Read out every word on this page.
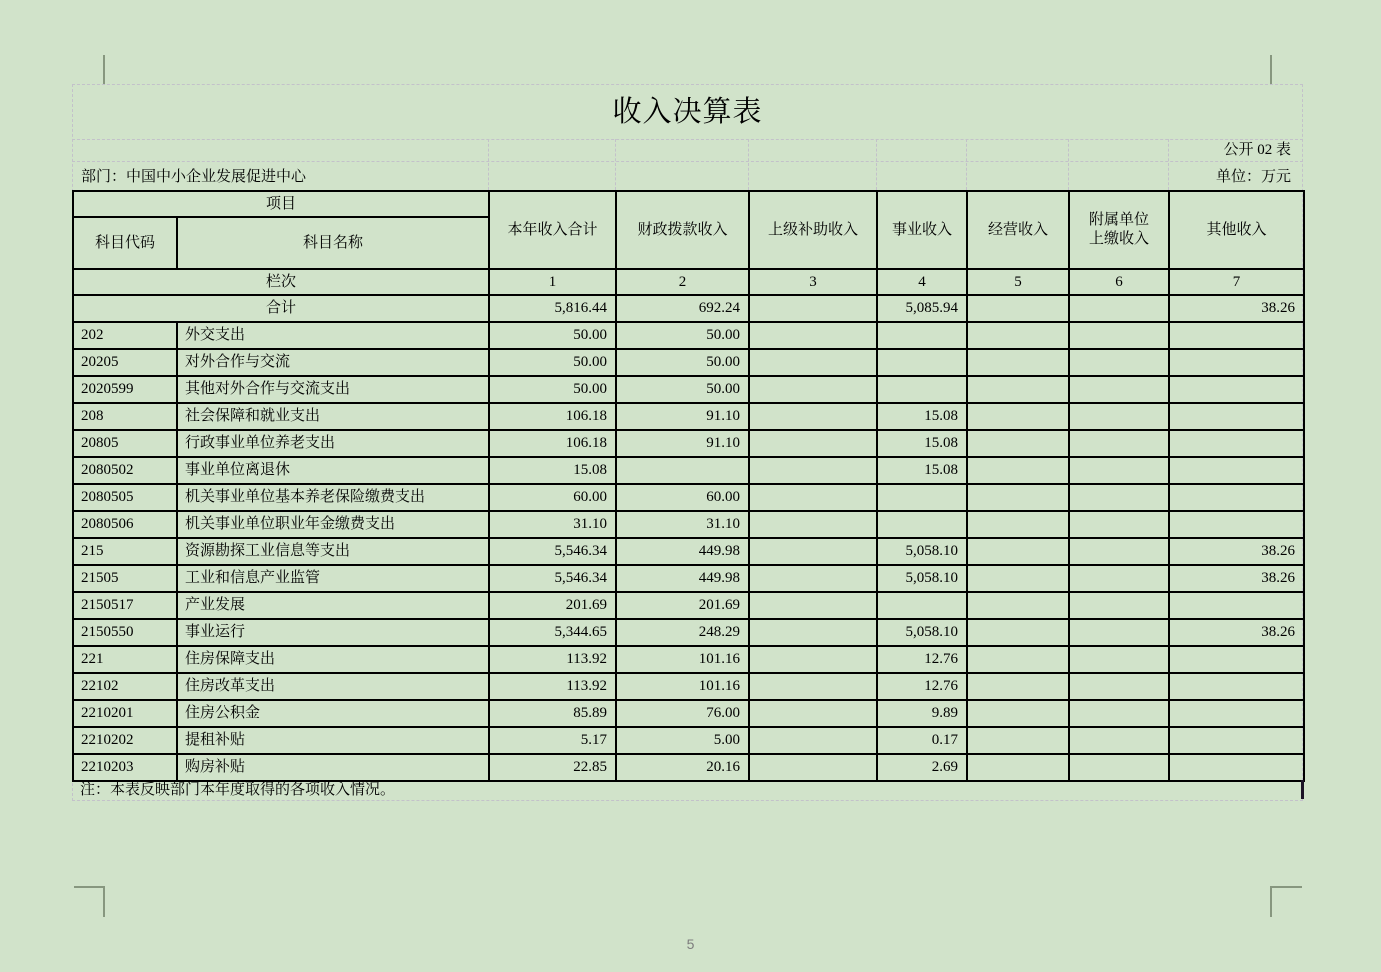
收入决算表
公开 02 表
部门：中国中小企业发展促进中心	单位：万元
项目		本年收入合计	财政拨款收入	上级补助收入	事业收入	经营收入	附属单位上缴收入	其他收入
科目代码	科目名称							
栏次		1	2	3	4	5	6	7
合计		5,816.44	692.24		5,085.94			38.26
202	外交支出	50.00	50.00					
20205	对外合作与交流	50.00	50.00					
2020599	其他对外合作与交流支出	50.00	50.00					
208	社会保障和就业支出	106.18	91.10		15.08			
20805	行政事业单位养老支出	106.18	91.10		15.08			
2080502	事业单位离退休	15.08			15.08			
2080505	机关事业单位基本养老保险缴费支出	60.00	60.00					
2080506	机关事业单位职业年金缴费支出	31.10	31.10					
215	资源勘探工业信息等支出	5,546.34	449.98		5,058.10			38.26
21505	工业和信息产业监管	5,546.34	449.98		5,058.10			38.26
2150517	产业发展	201.69	201.69					
2150550	事业运行	5,344.65	248.29		5,058.10			38.26
221	住房保障支出	113.92	101.16		12.76			
22102	住房改革支出	113.92	101.16		12.76			
2210201	住房公积金	85.89	76.00		9.89			
2210202	提租补贴	5.17	5.00		0.17			
2210203	购房补贴	22.85	20.16		2.69			
注：本表反映部门本年度取得的各项收入情况。
5
